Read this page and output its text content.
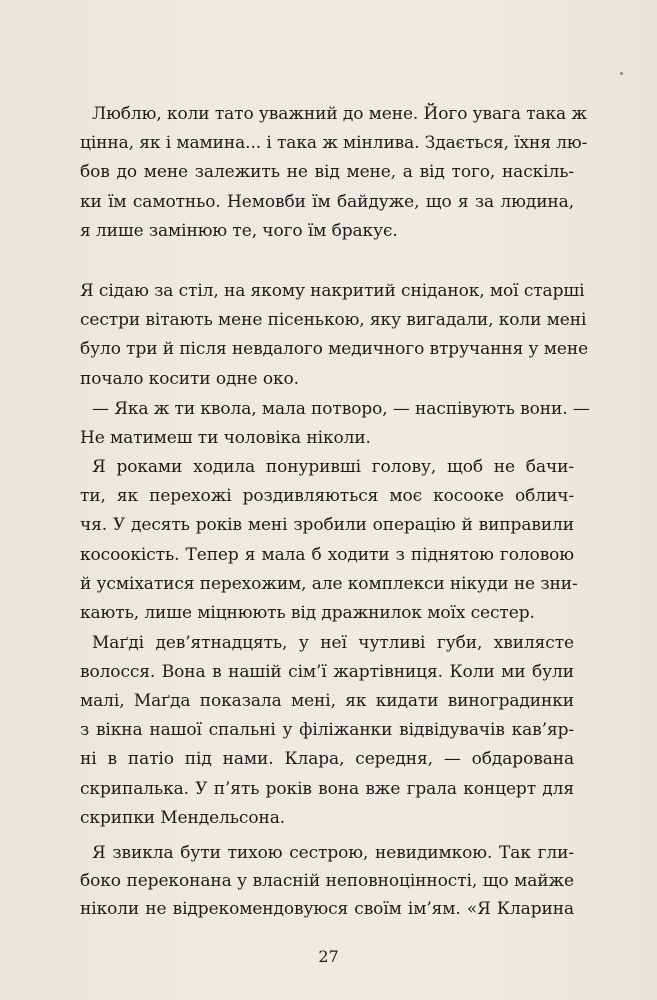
Люблю, коли тато уважний до мене. Його увага така ж
цінна, як і мамина... і така ж мінлива. Здається, їхня лю-
бов до мене залежить не від мене, а від того, наскіль-
ки їм самотньо. Немовби їм байдуже, що я за людина,
я лише замінюю те, чого їм бракує.
Я сідаю за стіл, на якому накритий сніданок, мої старші
сестри вітають мене пісенькою, яку вигадали, коли мені
було три й після невдалого медичного втручання у мене
почало косити одне око.
— Яка ж ти квола, мала потворо, — наспівують вони. —
Не матимеш ти чоловіка ніколи.
Я роками ходила понурившi голову, щоб не бачи-
ти, як перехожі роздивляються моє косооке облич-
чя. У десять років мені зробили операцію й виправили
косоокість. Тепер я мала б ходити з піднятою головою
й усміхатися перехожим, але комплекси нікуди не зни-
кають, лише міцнюють від дражнилок моїх сестер.
Маґді дев’ятнадцять, у неї чутливі губи, хвилясте
волосся. Вона в нашій сім’ї жартівниця. Коли ми були
малі, Маґда показала мені, як кидати виноградинки
з вікна нашої спальні у філіжанки відвідувачів кав’яр-
ні в патіо під нами. Клара, середня, — обдарована
скрипалька. У п’ять років вона вже грала концерт для
скрипки Мендельсона.
Я звикла бути тихою сестрою, невидимкою. Так гли-
боко переконана у власній неповноцінності, що майже
ніколи не відрекомендовуюся своїм ім’ям. «Я Кларина
27
